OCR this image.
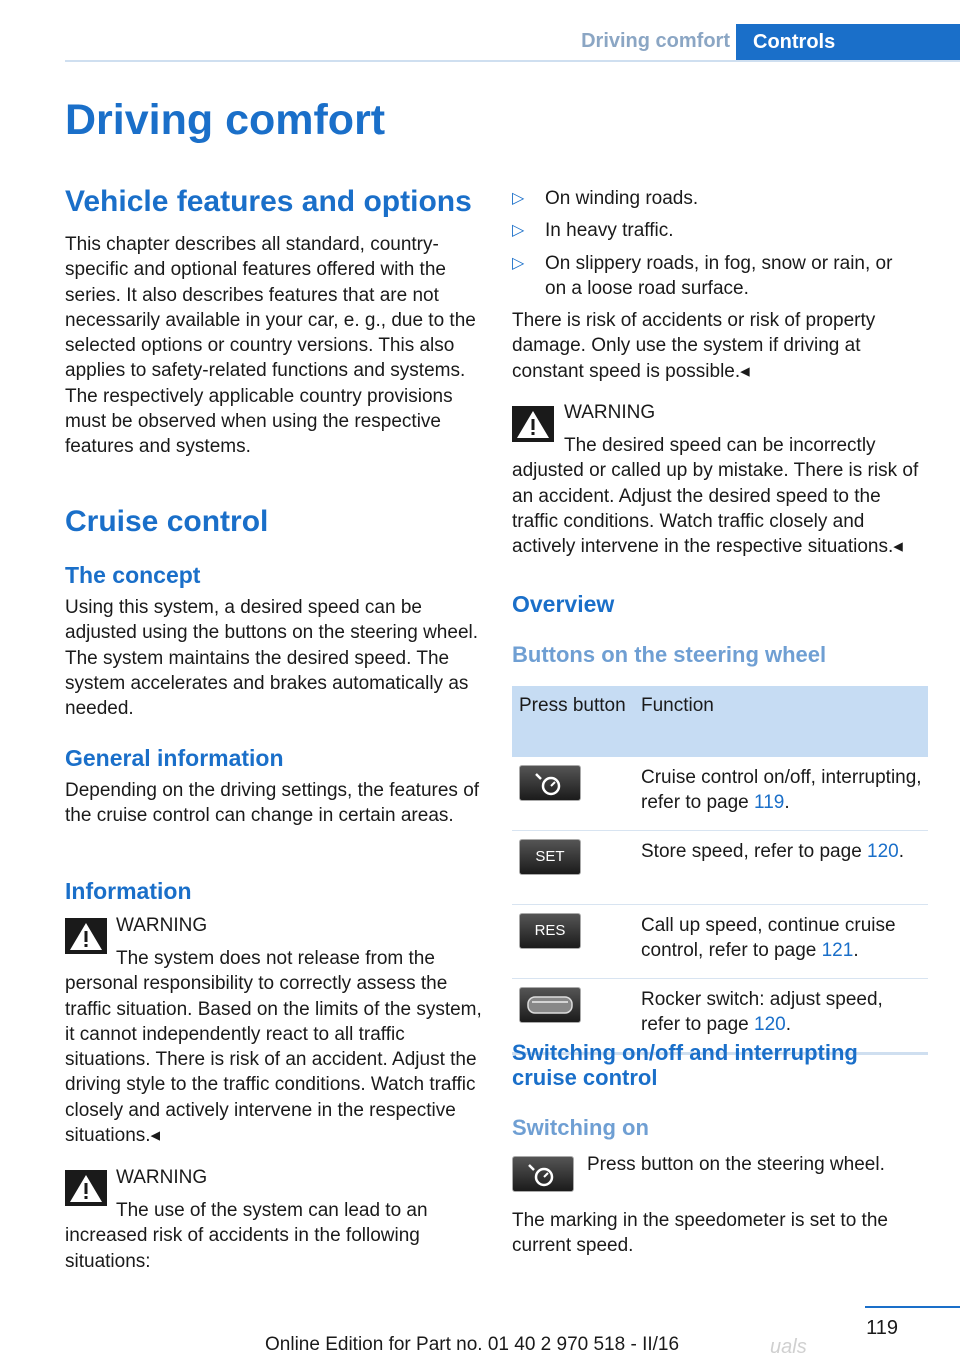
Driving comfort	Controls
Driving comfort
Vehicle features and options

This chapter describes all standard, country-specific and optional features offered with the series. It also describes features that are not necessarily available in your car, e. g., due to the selected options or country versions. This also applies to safety-related functions and systems. The respectively applicable country provisions must be observed when using the respective features and systems.

Cruise control
The concept

Using this system, a desired speed can be adjusted using the buttons on the steering wheel. The system maintains the desired speed. The system accelerates and brakes automatically as needed.

General information

Depending on the driving settings, the features of the cruise control can change in certain areas.

Information
WARNING

The system does not release from the personal responsibility to correctly assess the traffic situation. Based on the limits of the system, it cannot independently react to all traffic situations. There is risk of an accident. Adjust the driving style to the traffic conditions. Watch traffic closely and actively intervene in the respective situations.◂

WARNING

The use of the system can lead to an increased risk of accidents in the following situations:

▷ On winding roads.
▷ In heavy traffic.
▷ On slippery roads, in fog, snow or rain, or on a loose road surface.

There is risk of accidents or risk of property damage. Only use the system if driving at constant speed is possible.◂

WARNING

The desired speed can be incorrectly adjusted or called up by mistake. There is risk of an accident. Adjust the desired speed to the traffic conditions. Watch traffic closely and actively intervene in the respective situations.◂

Overview
Buttons on the steering wheel
Press button	Function
	Cruise control on/off, interrupting, refer to page 119.
SET	Store speed, refer to page 120.
RES	Call up speed, continue cruise control, refer to page 121.
	Rocker switch: adjust speed, refer to page 120.
Switching on/off and interrupting cruise control
Switching on

Press button on the steering wheel.

The marking in the speedometer is set to the current speed.

119
Online Edition for Part no. 01 40 2 970 518 - II/16	uals
